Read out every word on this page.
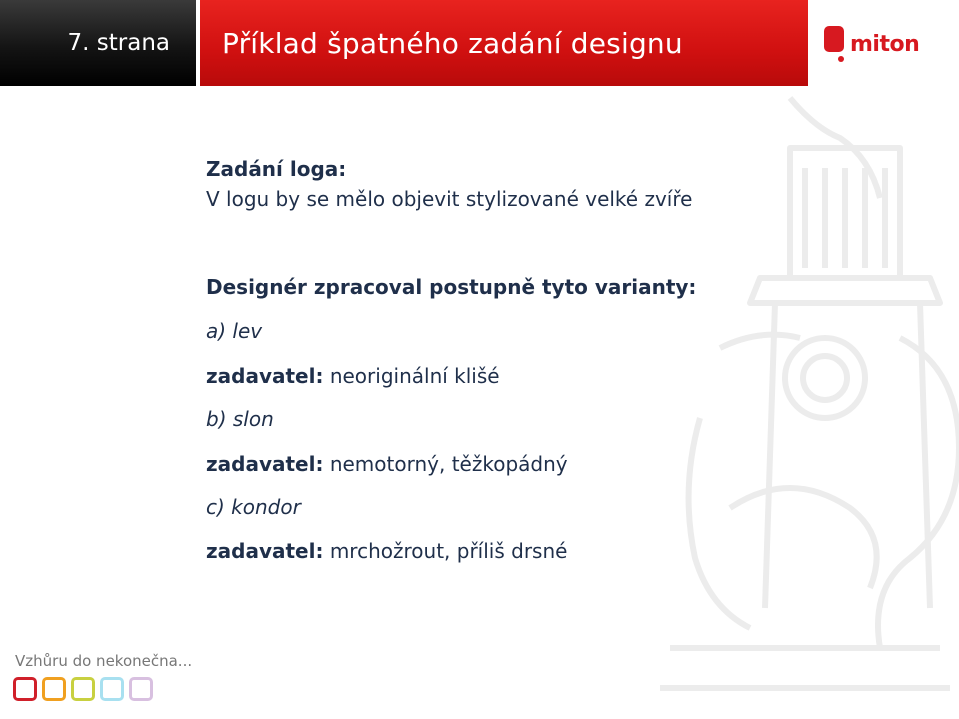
7. strana Příklad špatného zadání designu	miton
Zadání loga:
V logu by se mělo objevit stylizované velké zvíře
Designér zpracoval postupně tyto varianty:
a) lev
zadavatel: neoriginální klišé
b) slon
zadavatel: nemotorný, těžkopádný
c) kondor
zadavatel: mrchožrout, příliš drsné
Vzhůru do nekonečna...
